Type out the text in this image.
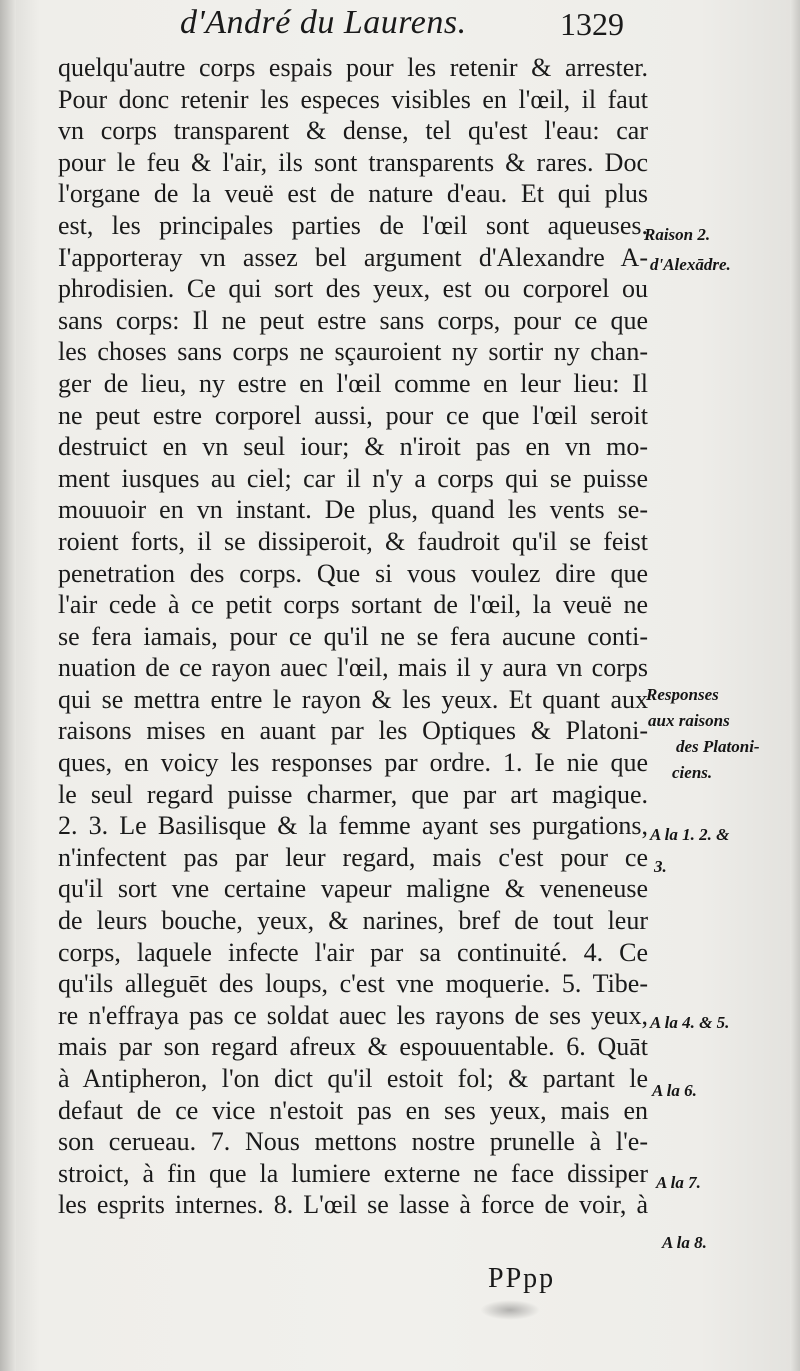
d'André du Laurens.	1329
quelqu'autre corps espais pour les retenir & arrester.
Pour donc retenir les especes visibles en l'œil, il faut
vn corps transparent & dense, tel qu'est l'eau: car
pour le feu & l'air, ils sont transparents & rares. Doc
l'organe de la veuë est de nature d'eau. Et qui plus
est, les principales parties de l'œil sont aqueuses.
I'apporteray vn assez bel argument d'Alexandre A-
phrodisien. Ce qui sort des yeux, est ou corporel ou
sans corps: Il ne peut estre sans corps, pour ce que
les choses sans corps ne sçauroient ny sortir ny chan-
ger de lieu, ny estre en l'œil comme en leur lieu: Il
ne peut estre corporel aussi, pour ce que l'œil seroit
destruict en vn seul iour; & n'iroit pas en vn mo-
ment iusques au ciel; car il n'y a corps qui se puisse
mouuoir en vn instant. De plus, quand les vents se-
roient forts, il se dissiperoit, & faudroit qu'il se feist
penetration des corps. Que si vous voulez dire que
l'air cede à ce petit corps sortant de l'œil, la veuë ne
se fera iamais, pour ce qu'il ne se fera aucune conti-
nuation de ce rayon auec l'œil, mais il y aura vn corps
qui se mettra entre le rayon & les yeux. Et quant aux
raisons mises en auant par les Optiques & Platoni-
ques, en voicy les responses par ordre. 1. Ie nie que
le seul regard puisse charmer, que par art magique.
2. 3. Le Basilisque & la femme ayant ses purgations,
n'infectent pas par leur regard, mais c'est pour ce
qu'il sort vne certaine vapeur maligne & veneneuse
de leurs bouche, yeux, & narines, bref de tout leur
corps, laquele infecte l'air par sa continuité. 4. Ce
qu'ils alleguēt des loups, c'est vne moquerie. 5. Tibe-
re n'effraya pas ce soldat auec les rayons de ses yeux,
mais par son regard afreux & espouuentable. 6. Quāt
à Antipheron, l'on dict qu'il estoit fol; & partant le
defaut de ce vice n'estoit pas en ses yeux, mais en
son cerueau. 7. Nous mettons nostre prunelle à l'e-
stroict, à fin que la lumiere externe ne face dissiper
les esprits internes. 8. L'œil se lasse à force de voir, à
Raison 2.
d'Alexādre.
Responses
aux raisons
des Platoni-
ciens.
A la 1. 2. &
3.
A la 4. & 5.
A la 6.
A la 7.
A la 8.
PPpp
